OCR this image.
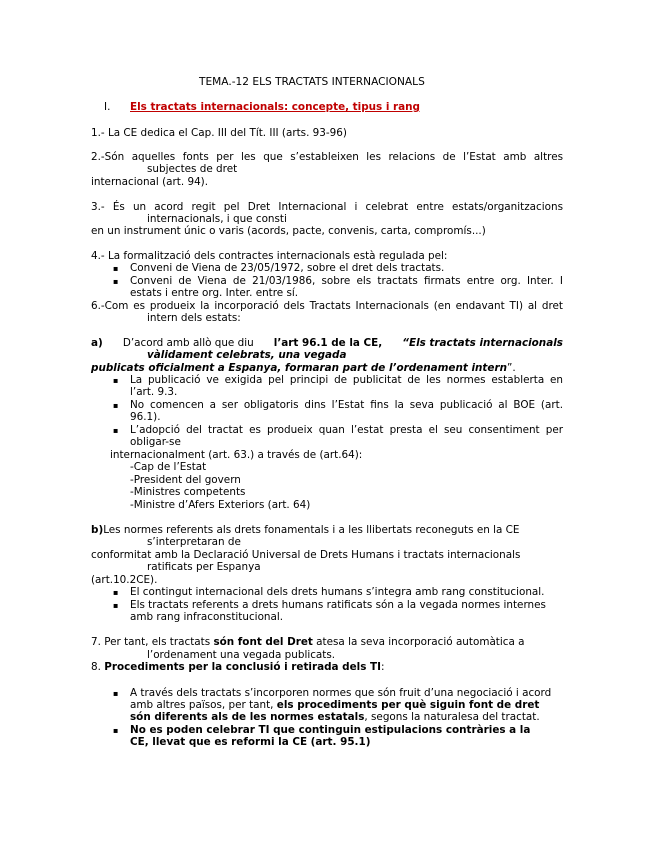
TEMA.-12 ELS TRACTATS INTERNACIONALS
I. Els tractats internacionals: concepte, tipus i rang
1.- La CE dedica el Cap. III del Tít. III (arts. 93-96)
2.-Són aquelles fonts per les que s’estableixen les relacions de l’Estat amb altres
subjectes de dret
internacional (art. 94).
3.- És un acord regit pel Dret Internacional i celebrat entre estats/organitzacions
internacionals, i que consti
en un instrument únic o varis (acords, pacte, convenis, carta, compromís...)
4.- La formalització dels contractes internacionals està regulada pel:
▪ Conveni de Viena de 23/05/1972, sobre el dret dels tractats.
▪ Conveni de Viena de 21/03/1986, sobre els tractats firmats entre org. Inter. I
estats i entre org. Inter. entre sí.
6.-Com es produeix la incorporació dels Tractats Internacionals (en endavant TI) al dret
intern dels estats:
a) D’acord amb allò que diu l’art 96.1 de la CE, “Els tractats internacionals
vàlidament celebrats, una vegada
publicats oficialment a Espanya, formaran part de l’ordenament intern”.
▪ La publicació ve exigida pel principi de publicitat de les normes establerta en
l’art. 9.3.
▪ No comencen a ser obligatoris dins l’Estat fins la seva publicació al BOE (art.
96.1).
▪ L’adopció del tractat es produeix quan l’estat presta el seu consentiment per
obligar-se
internacionalment (art. 63.) a través de (art.64):
-Cap de l’Estat
-President del govern
-Ministres competents
-Ministre d’Afers Exteriors (art. 64)
b)Les normes referents als drets fonamentals i a les llibertats reconeguts en la CE
s’interpretaran de
conformitat amb la Declaració Universal de Drets Humans i tractats internacionals
ratificats per Espanya
(art.10.2CE).
▪ El contingut internacional dels drets humans s’integra amb rang constitucional.
▪ Els tractats referents a drets humans ratificats són a la vegada normes internes
amb rang infraconstitucional.
7. Per tant, els tractats són font del Dret atesa la seva incorporació automàtica a
l’ordenament una vegada publicats.
8. Procediments per la conclusió i retirada dels TI:
▪ A través dels tractats s’incorporen normes que són fruit d’una negociació i acord
amb altres països, per tant, els procediments per què siguin font de dret
són diferents als de les normes estatals, segons la naturalesa del tractat.
▪ No es poden celebrar TI que continguin estipulacions contràries a la
CE, llevat que es reformi la CE (art. 95.1)
